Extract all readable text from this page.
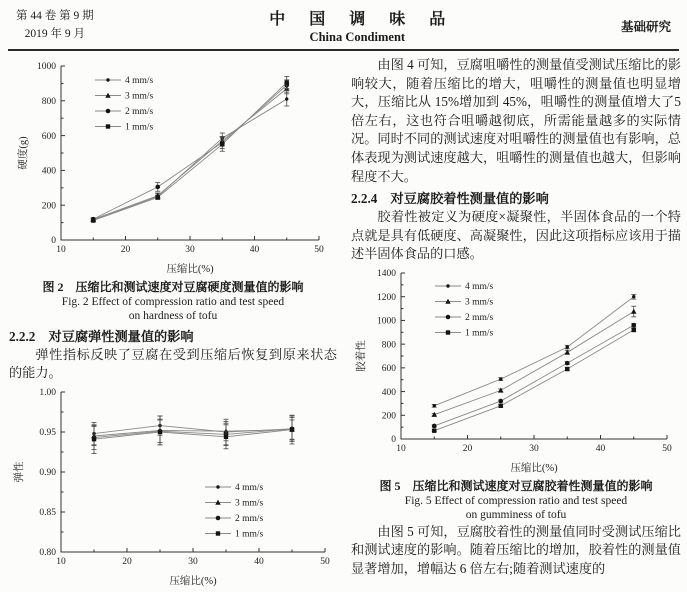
第 44 卷 第 9 期
2019 年 9 月
中 国 调 味 品
China Condiment
基础研究
10	20	30	40	50
0
200
400
600
800
1000
压缩比(%)
硬度(g)
4 mm/s
3 mm/s
2 mm/s
1 mm/s

图 2　压缩比和测试速度对豆腐硬度测量值的影响

Fig. 2 Effect of compression ratio and test speed

on hardness of tofu

2.2.2　对豆腐弹性测量值的影响

弹性指标反映了豆腐在受到压缩后恢复到原来状态的能力。

10	20	30	40	50
0.80
0.85
0.90
0.95
1.00
压缩比(%)
弹性
4 mm/s
3 mm/s
2 mm/s
1 mm/s

由图 4 可知，豆腐咀嚼性的测量值受测试压缩比的影响较大，随着压缩比的增大，咀嚼性的测量值也明显增大，压缩比从 15%增加到 45%，咀嚼性的测量值增大了5 倍左右，这也符合咀嚼越彻底，所需能量越多的实际情况。同时不同的测试速度对咀嚼性的测量值也有影响，总体表现为测试速度越大，咀嚼性的测量值也越大，但影响程度不大。

2.2.4　对豆腐胶着性测量值的影响

胶着性被定义为硬度×凝聚性，半固体食品的一个特点就是具有低硬度、高凝聚性，因此这项指标应该用于描述半固体食品的口感。

10	20	30	40	50
0
200
400
600
800
1000
1200
1400
压缩比(%)
胶着性
4 mm/s
3 mm/s
2 mm/s
1 mm/s

图 5　压缩比和测试速度对豆腐胶着性测量值的影响

Fig. 5 Effect of compression ratio and test speed

on gumminess of tofu

由图 5 可知，豆腐胶着性的测量值同时受测试压缩比和测试速度的影响。随着压缩比的增加，胶着性的测量值显著增加，增幅达 6 倍左右;随着测试速度的
